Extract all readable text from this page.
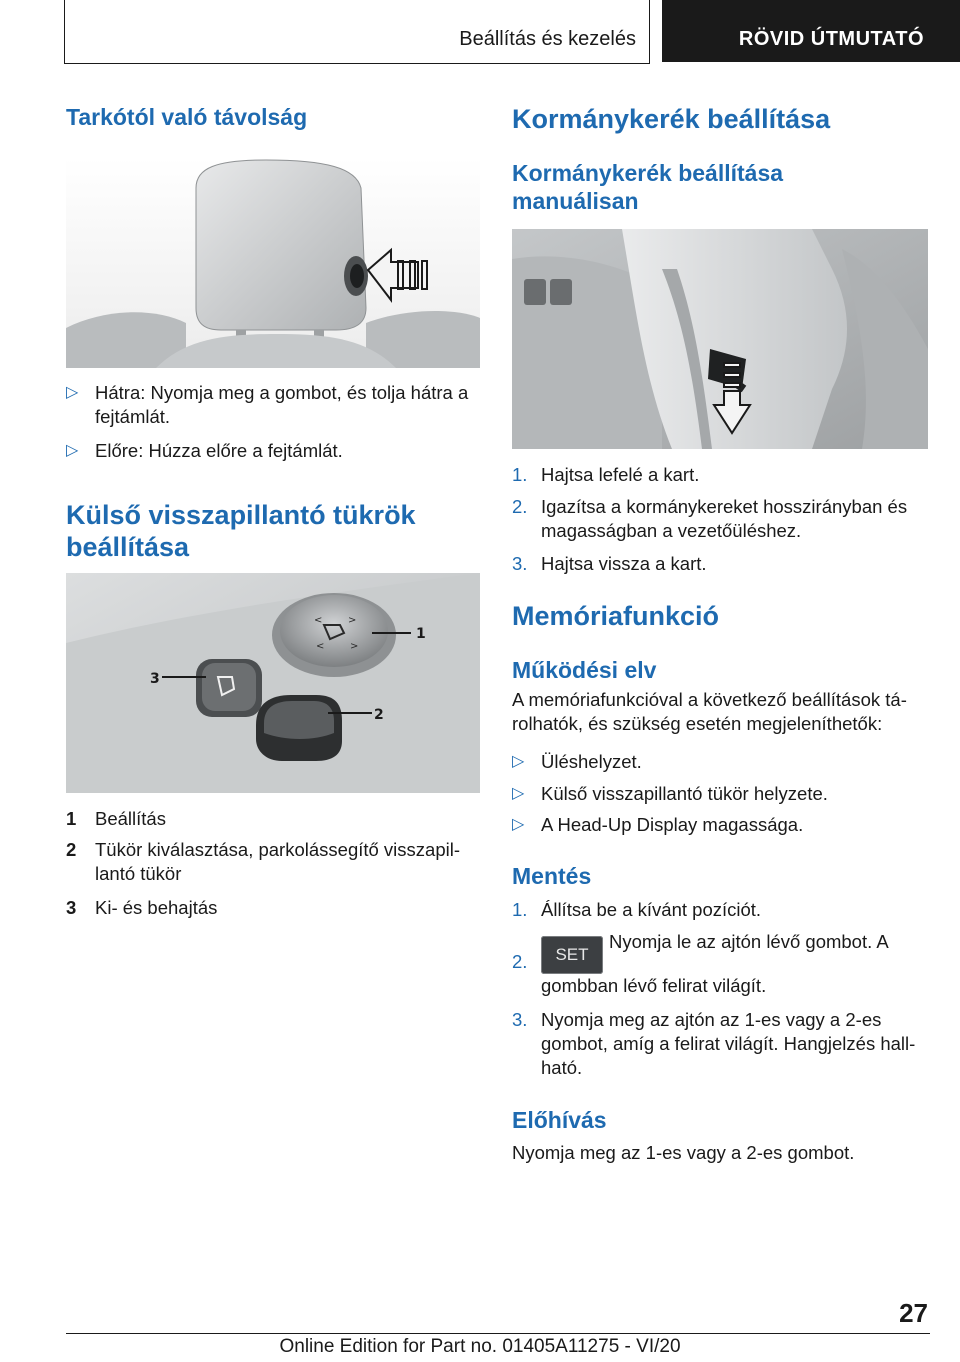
Beállítás és kezelés	RÖVID ÚTMUTATÓ
Tarkótól való távolság
▷ Hátra: Nyomja meg a gombot, és tolja hátra a fejtámlát.
▷ Előre: Húzza előre a fejtámlát.
Külső visszapillantó tükrök
beállítása
<	>
<	>
1
2
3
1 Beállítás
2 Tükör kiválasztása, parkolássegítő visszapil-
lantó tükör
3 Ki- és behajtás
Kormánykerék beállítása
Kormánykerék beállítása
manuálisan
1. Hajtsa lefelé a kart.
2. Igazítsa a kormánykereket hosszirányban és
magasságban a vezetőüléshez.
3. Hajtsa vissza a kart.
Memóriafunkció
Működési elv
A memóriafunkcióval a következő beállítások tá-
rolhatók, és szükség esetén megjeleníthetők:
▷ Üléshelyzet.
▷ Külső visszapillantó tükör helyzete.
▷ A Head-Up Display magassága.
Mentés
1. Állítsa be a kívánt pozíciót.
2.	SETNyomja le az ajtón lévő gombot. A
gombban lévő felirat világít.
3. Nyomja meg az ajtón az 1-es vagy a 2-es
gombot, amíg a felirat világít. Hangjelzés hall-
ható.
Előhívás
Nyomja meg az 1-es vagy a 2-es gombot.
27
Online Edition for Part no. 01405A11275 - VI/20
